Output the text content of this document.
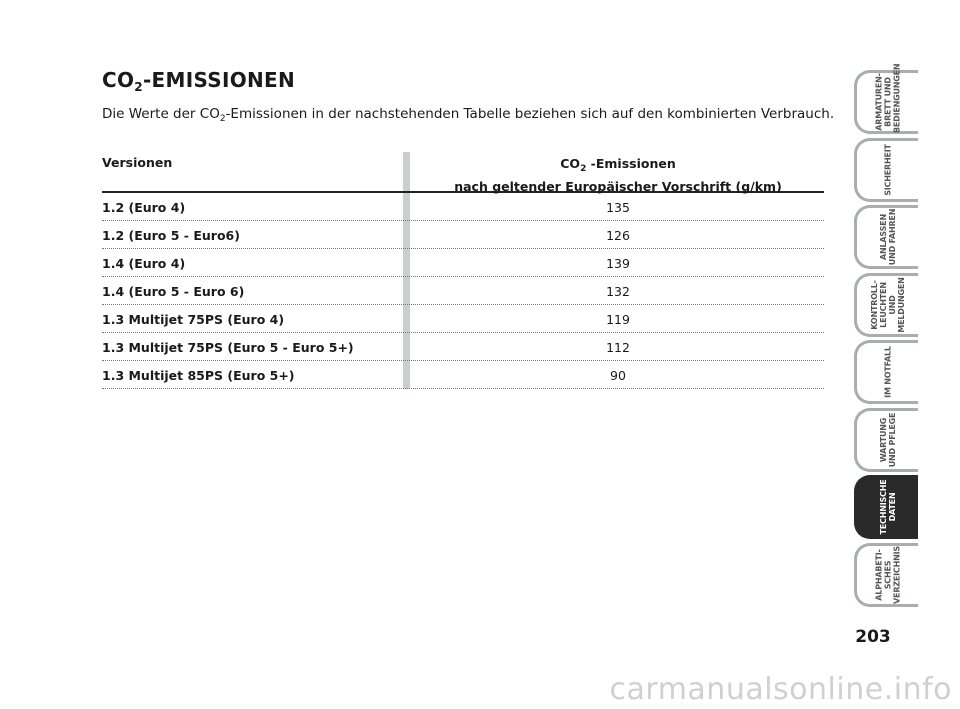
$CO_2$-EMISSIONEN

Die Werte der $CO_2$-Emissionen in der nachstehenden Tabelle beziehen sich auf den kombinierten Verbrauch.

Versionen	$CO_2$ -Emissionen
nach geltender Europäischer Vorschrift (g/km)
1.2 (Euro 4)	135
1.2 (Euro 5 - Euro6)	126
1.4 (Euro 4)	139
1.4 (Euro 5 - Euro 6)	132
1.3 Multijet 75PS (Euro 4)	119
1.3 Multijet 75PS (Euro 5 - Euro 5+)	112
1.3 Multijet 85PS (Euro 5+)	90
ARMATUREN-
BRETT UND
BEDIENGUNGEN
SICHERHEIT
ANLASSEN
UND FAHREN
KONTROLL-
LEUCHTEN UND
MELDUNGEN
IM NOTFALL
WARTUNG
UND PFLEGE
TECHNISCHE
DATEN
ALPHABETI-
SCHES
VERZEICHNIS
203
carmanualsonline.info
